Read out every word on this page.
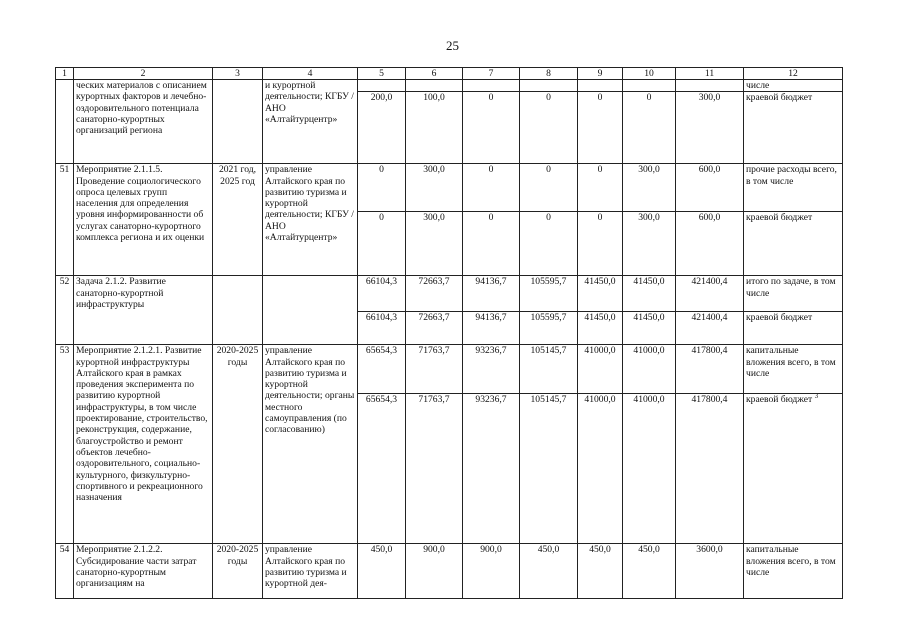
25
1	2	3	4	5	6	7	8	9	10	11	12
	ческих материалов с описанием курортных факторов и лечебно-оздоровительного потенциала санаторно-курортных организаций региона		и курортной деятельности; КГБУ / АНО «Алтайтурцентр»								числе
				200,0	100,0	0	0	0	0	300,0	краевой бюджет
51	Мероприятие 2.1.1.5. Проведение социологического опроса целевых групп населения для определения уровня информированности об услугах санаторно-курортного комплекса региона и их оценки	2021 год, 2025 год	управление Алтайского края по развитию туризма и курортной деятельности; КГБУ / АНО «Алтайтурцентр»	0	300,0	0	0	0	300,0	600,0	прочие расходы всего, в том числе
				0	300,0	0	0	0	300,0	600,0	краевой бюджет
52	Задача 2.1.2. Развитие санаторно-курортной инфраструктуры			66104,3	72663,7	94136,7	105595,7	41450,0	41450,0	421400,4	итого по задаче, в том числе
				66104,3	72663,7	94136,7	105595,7	41450,0	41450,0	421400,4	краевой бюджет
53	Мероприятие 2.1.2.1. Развитие курортной инфраструктуры Алтайского края в рамках проведения эксперимента по развитию курортной инфраструктуры, в том числе проектирование, строительство, реконструкция, содержание, благоустройство и ремонт объектов лечебно-оздоровительного, социально-культурного, физкультурно-спортивного и рекреационного назначения	2020-2025 годы	управление Алтайского края по развитию туризма и курортной деятельности; органы местного самоуправления (по согласованию)	65654,3	71763,7	93236,7	105145,7	41000,0	41000,0	417800,4	капитальные вложения всего, в том числе
				65654,3	71763,7	93236,7	105145,7	41000,0	41000,0	417800,4	краевой бюджет $^3$
54	Мероприятие 2.1.2.2. Субсидирование части затрат санаторно-курортным организациям на	2020-2025 годы	управление Алтайского края по развитию туризма и курортной дея-	450,0	900,0	900,0	450,0	450,0	450,0	3600,0	капитальные вложения всего, в том числе
